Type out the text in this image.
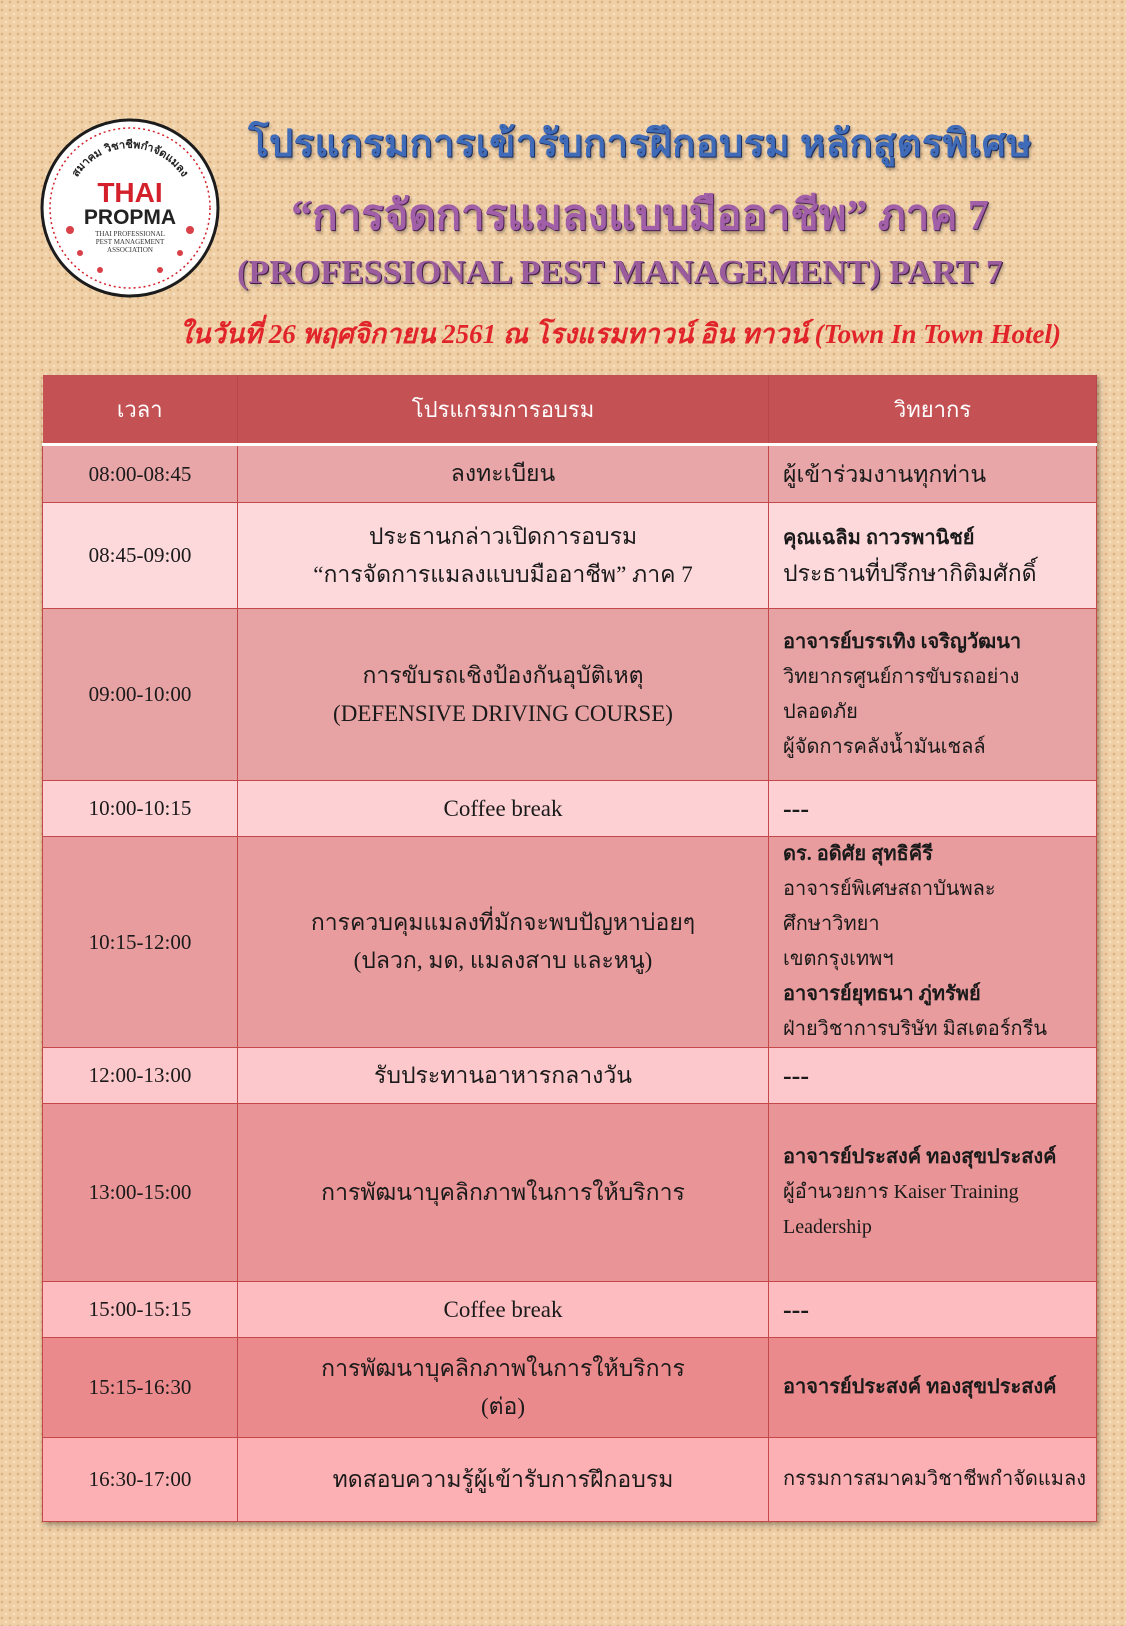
สมาคม วิชาชีพกำจัดแมลง
THAI
PROPMA
THAI PROFESSIONAL
PEST MANAGEMENT
ASSOCIATION
โปรแกรมการเข้ารับการฝึกอบรม หลักสูตรพิเศษ
“การจัดการแมลงแบบมืออาชีพ” ภาค 7
(PROFESSIONAL PEST MANAGEMENT) PART 7
ในวันที่ 26 พฤศจิกายน 2561 ณ โรงแรมทาวน์ อิน ทาวน์ (Town In Town Hotel)
เวลา	โปรแกรมการอบรม	วิทยากร
08:00-08:45	ลงทะเบียน	ผู้เข้าร่วมงานทุกท่าน

08:45-09:00	ประธานกล่าวเปิดการอบรม
“การจัดการแมลงแบบมืออาชีพ” ภาค 7	คุณเฉลิม ถาวรพานิชย์
ประธานที่ปรึกษากิติมศักดิ์

09:00-10:00	การขับรถเชิงป้องกันอุบัติเหตุ
(DEFENSIVE DRIVING COURSE)	อาจารย์บรรเทิง เจริญวัฒนา
วิทยากรศูนย์การขับรถอย่างปลอดภัย
ผู้จัดการคลังน้ำมันเชลล์

10:00-10:15	Coffee break	---

10:15-12:00	การควบคุมแมลงที่มักจะพบปัญหาบ่อยๆ
(ปลวก, มด, แมลงสาบ และหนู)	ดร. อดิศัย สุทธิคีรี
อาจารย์พิเศษสถาบันพละศึกษาวิทยา
เขตกรุงเทพฯ
อาจารย์ยุทธนา ภู่ทรัพย์
ฝ่ายวิชาการบริษัท มิสเตอร์กรีน

12:00-13:00	รับประทานอาหารกลางวัน	---

13:00-15:00	การพัฒนาบุคลิกภาพในการให้บริการ	อาจารย์ประสงค์ ทองสุขประสงค์
ผู้อำนวยการ Kaiser Training
Leadership

15:00-15:15	Coffee break	---

15:15-16:30	การพัฒนาบุคลิกภาพในการให้บริการ
(ต่อ)	อาจารย์ประสงค์ ทองสุขประสงค์

16:30-17:00	ทดสอบความรู้ผู้เข้ารับการฝึกอบรม	กรรมการสมาคมวิชาชีพกำจัดแมลง
